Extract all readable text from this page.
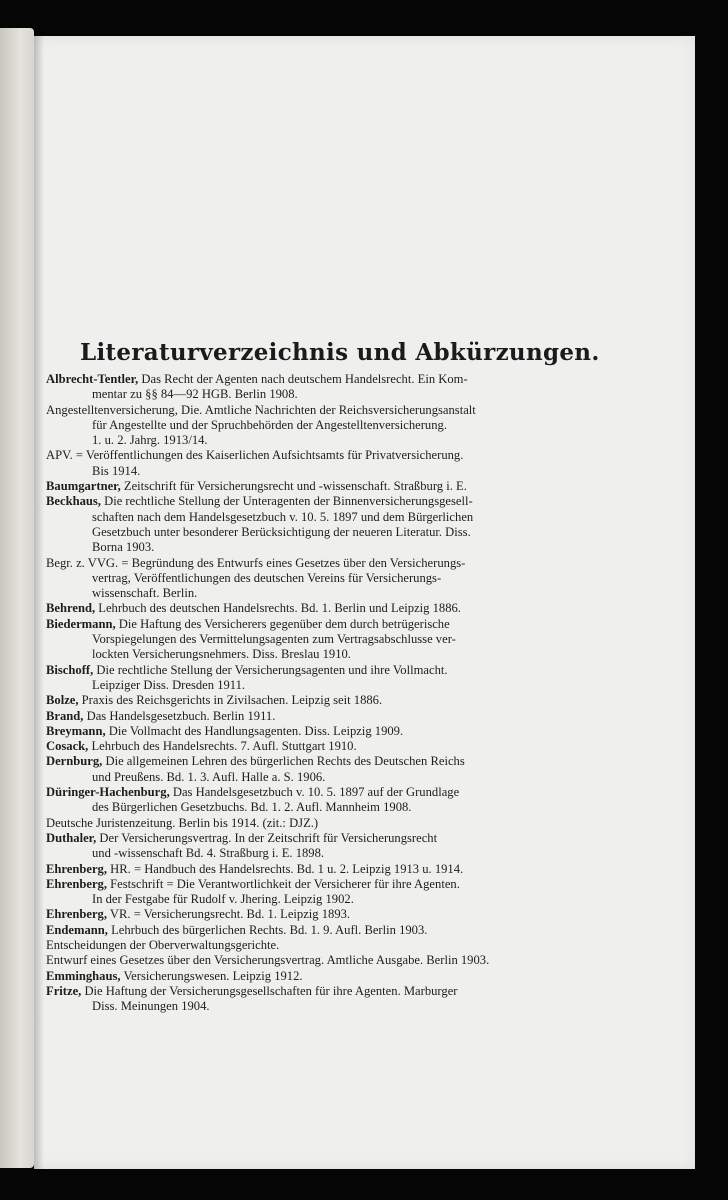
Literaturverzeichnis und Abkürzungen.

Albrecht-Tentler, Das Recht der Agenten nach deutschem Handelsrecht. Ein Kom-
mentar zu §§ 84—92 HGB. Berlin 1908.

Angestelltenversicherung, Die. Amtliche Nachrichten der Reichsversicherungsanstalt
für Angestellte und der Spruchbehörden der Angestelltenversicherung.
1. u. 2. Jahrg. 1913/14.

APV. = Veröffentlichungen des Kaiserlichen Aufsichtsamts für Privatversicherung.
Bis 1914.

Baumgartner, Zeitschrift für Versicherungsrecht und -wissenschaft. Straßburg i. E.

Beckhaus, Die rechtliche Stellung der Unteragenten der Binnenversicherungsgesell-
schaften nach dem Handelsgesetzbuch v. 10. 5. 1897 und dem Bürgerlichen
Gesetzbuch unter besonderer Berücksichtigung der neueren Literatur. Diss.
Borna 1903.

Begr. z. VVG. = Begründung des Entwurfs eines Gesetzes über den Versicherungs-
vertrag, Veröffentlichungen des deutschen Vereins für Versicherungs-
wissenschaft. Berlin.

Behrend, Lehrbuch des deutschen Handelsrechts. Bd. 1. Berlin und Leipzig 1886.

Biedermann, Die Haftung des Versicherers gegenüber dem durch betrügerische
Vorspiegelungen des Vermittelungsagenten zum Vertragsabschlusse ver-
lockten Versicherungsnehmers. Diss. Breslau 1910.

Bischoff, Die rechtliche Stellung der Versicherungsagenten und ihre Vollmacht.
Leipziger Diss. Dresden 1911.

Bolze, Praxis des Reichsgerichts in Zivilsachen. Leipzig seit 1886.

Brand, Das Handelsgesetzbuch. Berlin 1911.

Breymann, Die Vollmacht des Handlungsagenten. Diss. Leipzig 1909.

Cosack, Lehrbuch des Handelsrechts. 7. Aufl. Stuttgart 1910.

Dernburg, Die allgemeinen Lehren des bürgerlichen Rechts des Deutschen Reichs
und Preußens. Bd. 1. 3. Aufl. Halle a. S. 1906.

Düringer-Hachenburg, Das Handelsgesetzbuch v. 10. 5. 1897 auf der Grundlage
des Bürgerlichen Gesetzbuchs. Bd. 1. 2. Aufl. Mannheim 1908.

Deutsche Juristenzeitung. Berlin bis 1914. (zit.: DJZ.)

Duthaler, Der Versicherungsvertrag. In der Zeitschrift für Versicherungsrecht
und -wissenschaft Bd. 4. Straßburg i. E. 1898.

Ehrenberg, HR. = Handbuch des Handelsrechts. Bd. 1 u. 2. Leipzig 1913 u. 1914.

Ehrenberg, Festschrift = Die Verantwortlichkeit der Versicherer für ihre Agenten.
In der Festgabe für Rudolf v. Jhering. Leipzig 1902.

Ehrenberg, VR. = Versicherungsrecht. Bd. 1. Leipzig 1893.

Endemann, Lehrbuch des bürgerlichen Rechts. Bd. 1. 9. Aufl. Berlin 1903.

Entscheidungen der Oberverwaltungsgerichte.

Entwurf eines Gesetzes über den Versicherungsvertrag. Amtliche Ausgabe. Berlin 1903.

Emminghaus, Versicherungswesen. Leipzig 1912.

Fritze, Die Haftung der Versicherungsgesellschaften für ihre Agenten. Marburger
Diss. Meinungen 1904.
